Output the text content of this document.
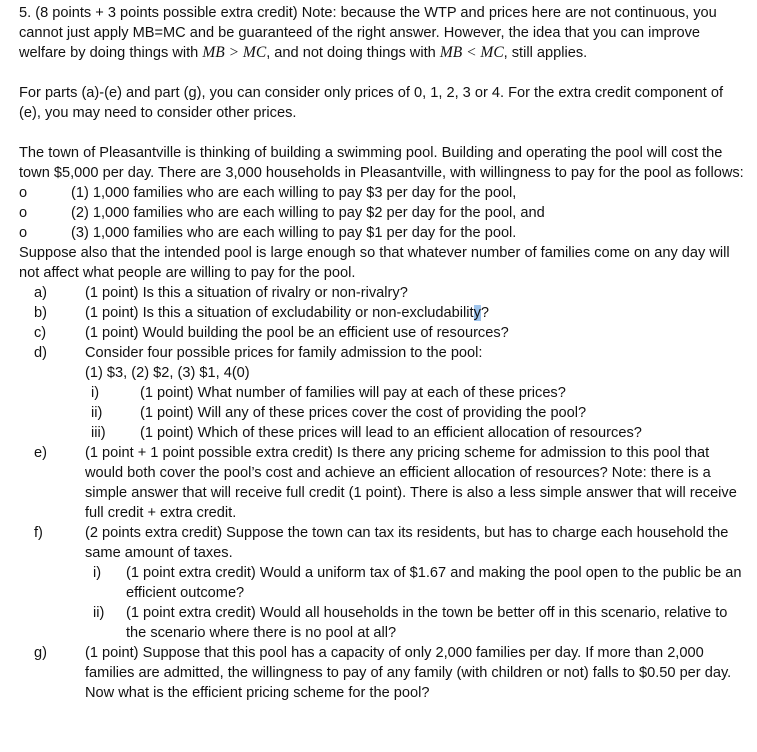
5. (8 points + 3 points possible extra credit) Note: because the WTP and prices here are not continuous, you cannot just apply MB=MC and be guaranteed of the right answer. However, the idea that you can improve welfare by doing things with MB > MC, and not doing things with MB < MC, still applies.

For parts (a)-(e) and part (g), you can consider only prices of 0, 1, 2, 3 or 4. For the extra credit component of (e), you may need to consider other prices.

The town of Pleasantville is thinking of building a swimming pool. Building and operating the pool will cost the town $5,000 per day. There are 3,000 households in Pleasantville, with willingness to pay for the pool as follows:

o	(1) 1,000 families who are each willing to pay $3 per day for the pool,
o	(2) 1,000 families who are each willing to pay $2 per day for the pool, and
o	(3) 1,000 families who are each willing to pay $1 per day for the pool.

Suppose also that the intended pool is large enough so that whatever number of families come on any day will not affect what people are willing to pay for the pool.

a)	(1 point) Is this a situation of rivalry or non-rivalry?

b)	(1 point) Is this a situation of excludability or non-excludability?

c)	(1 point) Would building the pool be an efficient use of resources?

d)	Consider four possible prices for family admission to the pool:

(1) $3, (2) $2, (3) $1, 4(0)

i)	(1 point) What number of families will pay at each of these prices?

ii)	(1 point) Will any of these prices cover the cost of providing the pool?

iii) (1 point) Which of these prices will lead to an efficient allocation of resources?

e)	(1 point + 1 point possible extra credit) Is there any pricing scheme for admission to this pool that would both cover the pool’s cost and achieve an efficient allocation of resources? Note: there is a simple answer that will receive full credit (1 point). There is also a less simple answer that will receive full credit + extra credit.

f)	(2 points extra credit) Suppose the town can tax its residents, but has to charge each household the same amount of taxes.

i) (1 point extra credit) Would a uniform tax of $1.67 and making the pool open to the public be an efficient outcome?

ii) (1 point extra credit) Would all households in the town be better off in this scenario, relative to the scenario where there is no pool at all?

g)	(1 point) Suppose that this pool has a capacity of only 2,000 families per day. If more than 2,000 families are admitted, the willingness to pay of any family (with children or not) falls to $0.50 per day. Now what is the efficient pricing scheme for the pool?
